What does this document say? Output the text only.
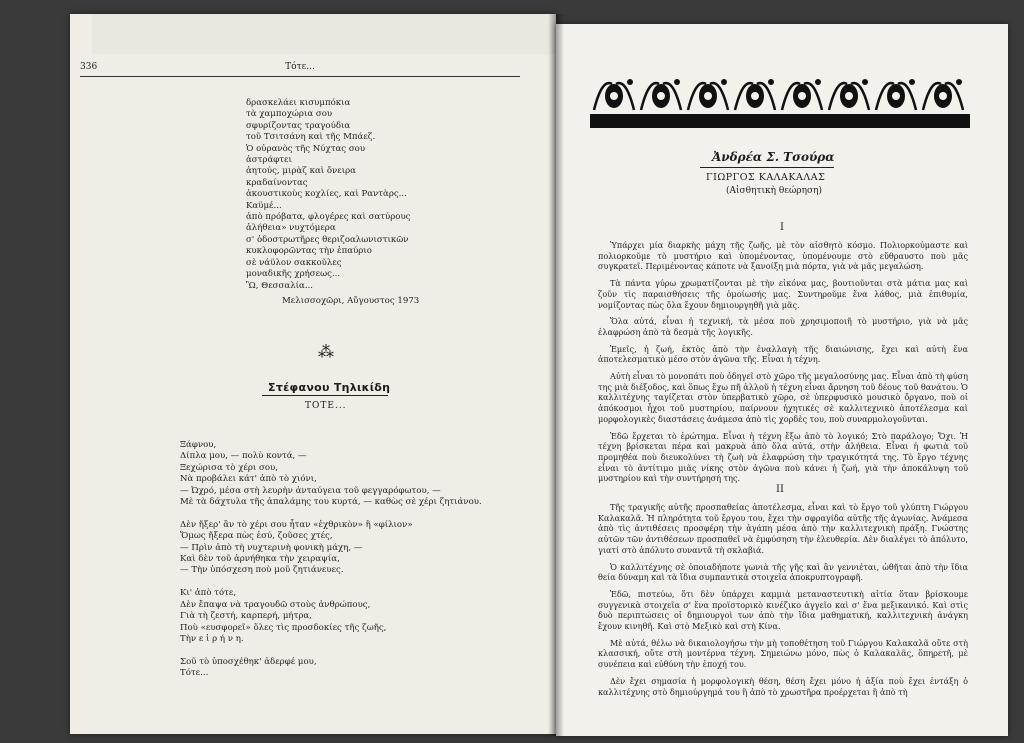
336	Τότε...
δρασκελάει κισυμπόκια
τὰ χαμποχώρια σου
σφυρίζοντας τραγούδια
τοῦ Τσιτσάνη καὶ τῆς Μπάεζ.
Ὁ οὐρανὸς τῆς Νύχτας σου
ἀστράφτει
ἀητούς, μιρὰζ καὶ ὄνειρα
κραδαίνοντας
ἀκουστικοὺς κοχλίες, καὶ Ραντὰρς...
Καϋμέ...
ἀπὸ πρόβατα, φλογέρες καὶ σατύρους
ἀλήθεια» νυχτόμερα
σ' ὁδοστρωτῆρες θεριζοαλωνιστικῶν
κυκλοφορῶντας τὴν ἐπαύριο
σὲ νάϋλον σακκοῦλες
μοναδικῆς χρήσεως...
Ὢ, Θεσσαλία...
Μελισσοχῶρι, Αὔγουστος 1973
⁂
Στέφανου Τηλικίδη
ΤΟΤΕ...
Ξάφνου,
Δίπλα μου, — πολὺ κοντά, —
Ξεχώρισα τὸ χέρι σου,
Νὰ προβάλει κάτ' ἀπὸ τὸ χιόνι,
— Ὠχρό, μέσα στὴ λευρὴν ἀνταύγεια τοῦ φεγγαρόφωτου, —
Μὲ τὰ δάχτυλα τῆς ἀπαλάμης του κυρτά, — καθὼς σὲ χέρι ζητιάνου.

Δὲν ἤξερ' ἂν τὸ χέρι σου ἦταν «ἐχθρικὸν» ἢ «φίλιον»
Ὅμως ἤξερα πὼς ἐσύ, ζοῦσες χτές,
— Πρὶν ἀπὸ τὴ νυχτερινὴ φονικὴ μάχη, —
Καὶ δὲν τοῦ ἀρνήθηκα τὴν χειραψία,
— Τὴν ὑπόσχεση ποὺ μοῦ ζητιάνευες.

Κι' ἀπὸ τότε,
Δὲν ἔπαψα νὰ τραγουδῶ στοὺς ἀνθρώπους,
Γιὰ τὴ ζεστή, καρπερή, μήτρα,
Ποὺ «ευσφορεῖ» ὅλες τὶς προσδοκίες τῆς ζωῆς,
Τὴν ε ἰ ρ ή ν η.

Σοῦ τὸ ὑποσχέθηκ' ἀδερφέ μου,
Τότε...
Ἀνδρέα Σ. Τσούρα
ΓΙΩΡΓΟΣ ΚΑΛΑΚΑΛΑΣ
(Αἰσθητικὴ θεώρηση)
I

Ὑπάρχει μία διαρκὴς μάχη τῆς ζωῆς, μὲ τὸν αἰσθητὸ κόσμο. Πολιορκούμαστε καὶ πολιορκοῦμε τὸ μυστήριο καὶ ὑπομένοντας, ὑπομένουμε στὸ εὔθραυστο ποὺ μᾶς συγκρατεῖ. Περιμένοντας κάποτε νὰ ξανοίξη μιὰ πόρτα, γιὰ νὰ μᾶς μεγαλώση.

Τὰ πάντα γύρω χρωματίζονται μὲ τὴν εἰκόνα μας, βουτιοῦνται στὰ μάτια μας καὶ ζοῦν τὶς παραισθήσεις τῆς ὁμοίωσής μας. Συντηροῦμε ἕνα λάθος, μιὰ ἐπιθυμία, νομίζοντας πὼς ὅλα ἔχουν δημιουργηθῆ γιὰ μᾶς.

Ὅλα αὐτά, εἶναι ἡ τεχνική, τὰ μέσα ποὺ χρησιμοποιῆ τὸ μυστήριο, γιὰ νὰ μᾶς ἐλαφρώση ἀπὸ τὰ δεσμὰ τῆς λογικῆς.

Ἐμεῖς, ἡ ζωή, ἐκτὸς ἀπὸ τὴν ἐναλλαγὴ τῆς διαιώνισης, ἔχει καὶ αὐτὴ ἕνα ἀποτελεσματικὸ μέσο στὸν ἀγῶνα τῆς. Εἶναι ἡ τέχνη.

Αὐτὴ εἶναι τὸ μονοπάτι ποὺ ὁδηγεῖ στὸ χῶρο τῆς μεγαλοσύνης μας. Εἶναι ἀπὸ τὴ φύση της μιὰ διέξοδος, καὶ ὅπως ἔχω πῆ ἀλλοῦ ἡ τέχνη εἶναι ἄρνηση τοῦ δέους τοῦ θανάτου. Ὁ καλλιτέχνης ταγίζεται στὸν ὑπερβατικὸ χῶρο, σὲ ὑπερφυσικὸ μουσικὸ ὄργανο, ποὺ οἱ ἀπόκοσμοι ἦχοι τοῦ μυστηρίου, παίρνουν ἠχητικές σὲ καλλιτεχνικὸ ἀποτέλεσμα καὶ μορφολογικὲς διαστάσεις ἀνάμεσα ἀπὸ τὶς χορδὲς του, ποὺ συναρμολογοῦνται.

Ἐδῶ ἔρχεται τὸ ἐρώτημα. Εἶναι ἡ τέχνη ἔξω ἀπὸ τὸ λογικό; Στὸ παράλογο; Ὄχι. Ἡ τέχνη βρίσκεται πέρα καὶ μακρυὰ ἀπὸ ὅλα αὐτά, στὴν ἀλήθεια. Εἶναι ἡ φωτιὰ τοῦ προμηθέα ποὺ διευκολύνει τὴ ζωὴ νὰ ἐλαφρώση τὴν τραγικότητά της. Τὸ ἔργο τέχνης εἶναι τὸ ἀντίτιμο μιᾶς νίκης στὸν ἀγῶνα ποὺ κάνει ἡ ζωή, γιὰ τὴν ἀποκάλυψη τοῦ μυστηρίου καὶ τὴν συντήρησή της.

II

Τῆς τραγικῆς αὐτῆς προσπαθείας ἀποτέλεσμα, εἶναι καὶ τὸ ἔργο τοῦ γλύπτη Γιώργου Καλακαλᾶ. Ἡ πληρότητα τοῦ ἔργου του, ἔχει τὴν σφραγίδα αὐτῆς τῆς ἀγωνίας. Ἀνάμεσα ἀπὸ τὶς ἀντιθέσεις προσφέρη τὴν ἀγάπη μέσα ἀπὸ τὴν καλλιτεχνικὴ πράξη. Γνώστης αὐτῶν τῶν ἀντιθέσεων προσπαθεῖ νὰ ἐμφύσηση τὴν ἐλευθερία. Δὲν διαλέγει τὸ ἀπόλυτο, γιατί στὸ ἀπόλυτο συναντᾶ τὴ σκλαβιά.

Ὁ καλλιτέχνης σὲ ὁποιαδήποτε γωνιὰ τῆς γῆς καὶ ἂν γεννιέται, ὠθῆται ἀπὸ τὴν ἴδια θεία δύναμη καὶ τὰ ἴδια συμπαντικὰ στοιχεῖα ἀποκρυπτογραφῆ.

Ἐδῶ, πιστεύω, ὅτι δὲν ὑπάρχει καμμιὰ μεταναστευτικὴ αἰτία ὅταν βρίσκουμε συγγενικὰ στοιχεῖα σ' ἕνα προϊστορικὸ κινέζικο ἀγγεῖο καὶ σ' ἕνα μεξικανικό. Καὶ στὶς δυὸ περιπτώσεις οἱ δημιουργοὶ των ἀπὸ τὴν ἴδια μαθηματική, καλλιτεχνικὴ ἀνάγκη ἔχουν κινηθῆ. Καὶ στὸ Μεξικὸ καὶ στὴ Κίνα.

Μὲ αὐτά, θέλω νὰ δικαιολογήσω τὴν μὴ τοποθέτηση τοῦ Γιώργου Καλακαλᾶ οὔτε στὴ κλασσική, οὔτε στὴ μοντέρνα τέχνη. Σημειώνω μόνο, πὼς ὁ Καλακαλᾶς, ὅπηρετῆ, μὲ συνέπεια καὶ εὐθύνη τὴν ἐποχή του.

Δὲν ἔχει σημασία ἡ μορφολογικὴ θέση, θέση ἔχει μόνο ἡ ἀξία ποὺ ἔχει ἐντάξη ὁ καλλιτέχνης στὸ δημιούργημά του ἢ ἀπὸ τὸ χρωστῆρα προέρχεται ἢ ἀπὸ τὴ
